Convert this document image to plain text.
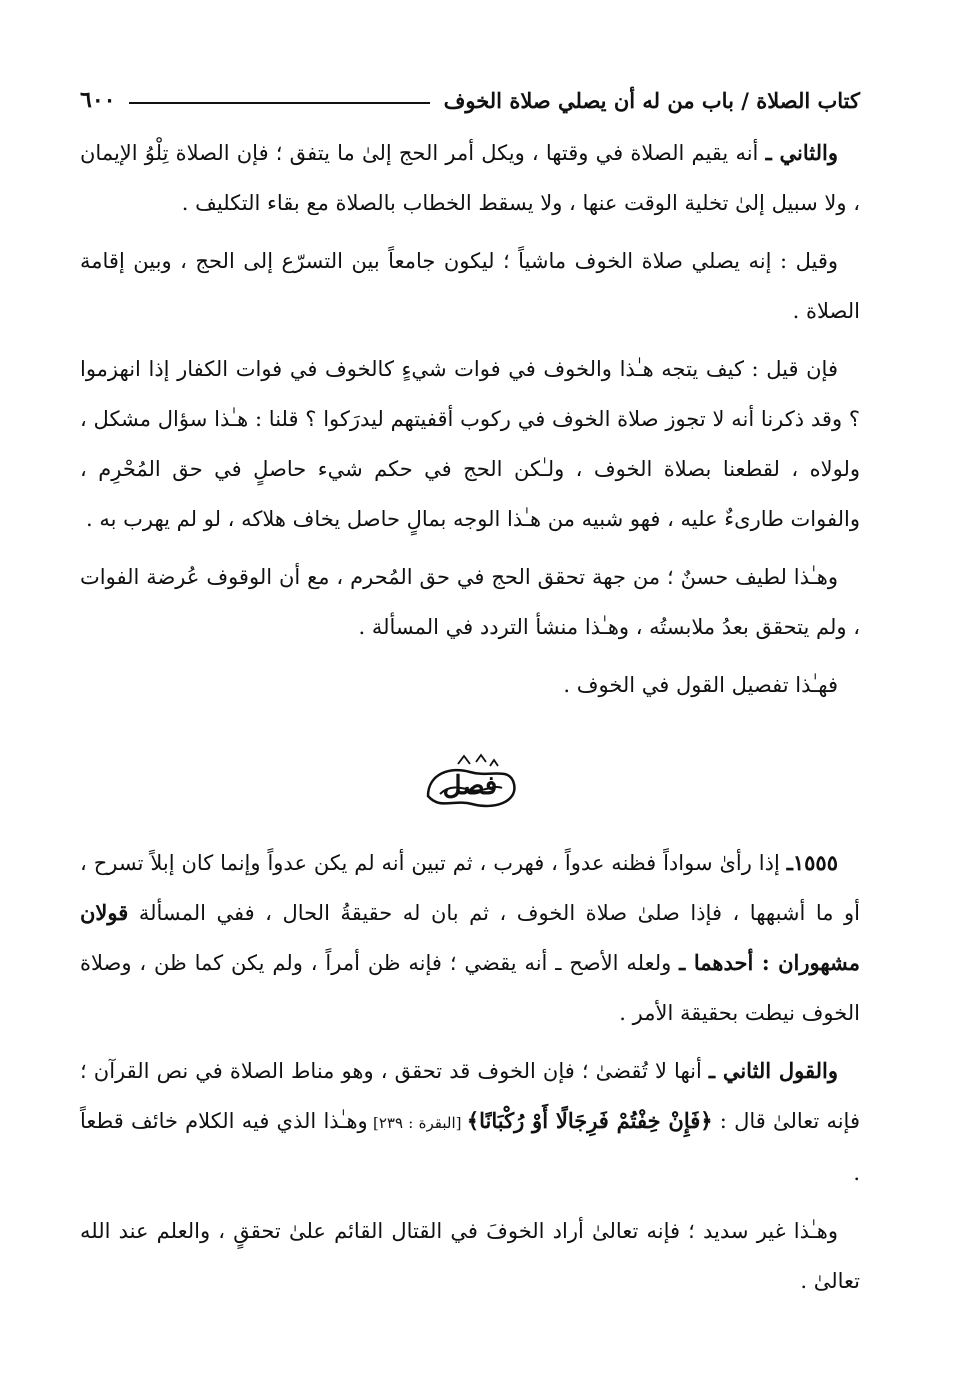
كتاب الصلاة / باب من له أن يصلي صلاة الخوف
٦٠٠

والثاني ـ أنه يقيم الصلاة في وقتها ، ويكل أمر الحج إلىٰ ما يتفق ؛ فإن الصلاة تِلْوُ الإيمان ، ولا سبيل إلىٰ تخلية الوقت عنها ، ولا يسقط الخطاب بالصلاة مع بقاء التكليف .

وقيل : إنه يصلي صلاة الخوف ماشياً ؛ ليكون جامعاً بين التسرّع إلى الحج ، وبين إقامة الصلاة .

فإن قيل : كيف يتجه هـٰذا والخوف في فوات شيءٍ كالخوف في فوات الكفار إذا انهزموا ؟ وقد ذكرنا أنه لا تجوز صلاة الخوف في ركوب أقفيتهم ليدرَكوا ؟ قلنا : هـٰذا سؤال مشكل ، ولولاه ، لقطعنا بصلاة الخوف ، ولـٰكن الحج في حكم شيء حاصلٍ في حق المُحْرِم ، والفوات طارىءٌ عليه ، فهو شبيه من هـٰذا الوجه بمالٍ حاصل يخاف هلاكه ، لو لم يهرب به .

وهـٰذا لطيف حسنٌ ؛ من جهة تحقق الحج في حق المُحرم ، مع أن الوقوف عُرضة الفوات ، ولم يتحقق بعدُ ملابستُه ، وهـٰذا منشأ التردد في المسألة .

فهـٰذا تفصيل القول في الخوف .

فصل

١٥٥٥ـ إذا رأىٰ سواداً فظنه عدواً ، فهرب ، ثم تبين أنه لم يكن عدواً وإنما كان إبلاً تسرح ، أو ما أشبهها ، فإذا صلىٰ صلاة الخوف ، ثم بان له حقيقةُ الحال ، ففي المسألة قولان مشهوران : أحدهما ـ ولعله الأصح ـ أنه يقضي ؛ فإنه ظن أمراً ، ولم يكن كما ظن ، وصلاة الخوف نيطت بحقيقة الأمر .

والقول الثاني ـ أنها لا تُقضىٰ ؛ فإن الخوف قد تحقق ، وهو مناط الصلاة في نص القرآن ؛ فإنه تعالىٰ قال : ﴿فَإِنْ خِفْتُمْ فَرِجَالًا أَوْ رُكْبَانًا﴾ [البقرة : ٢٣٩] وهـٰذا الذي فيه الكلام خائف قطعاً .

وهـٰذا غير سديد ؛ فإنه تعالىٰ أراد الخوفَ في القتال القائم علىٰ تحققٍ ، والعلم عند الله تعالىٰ .
